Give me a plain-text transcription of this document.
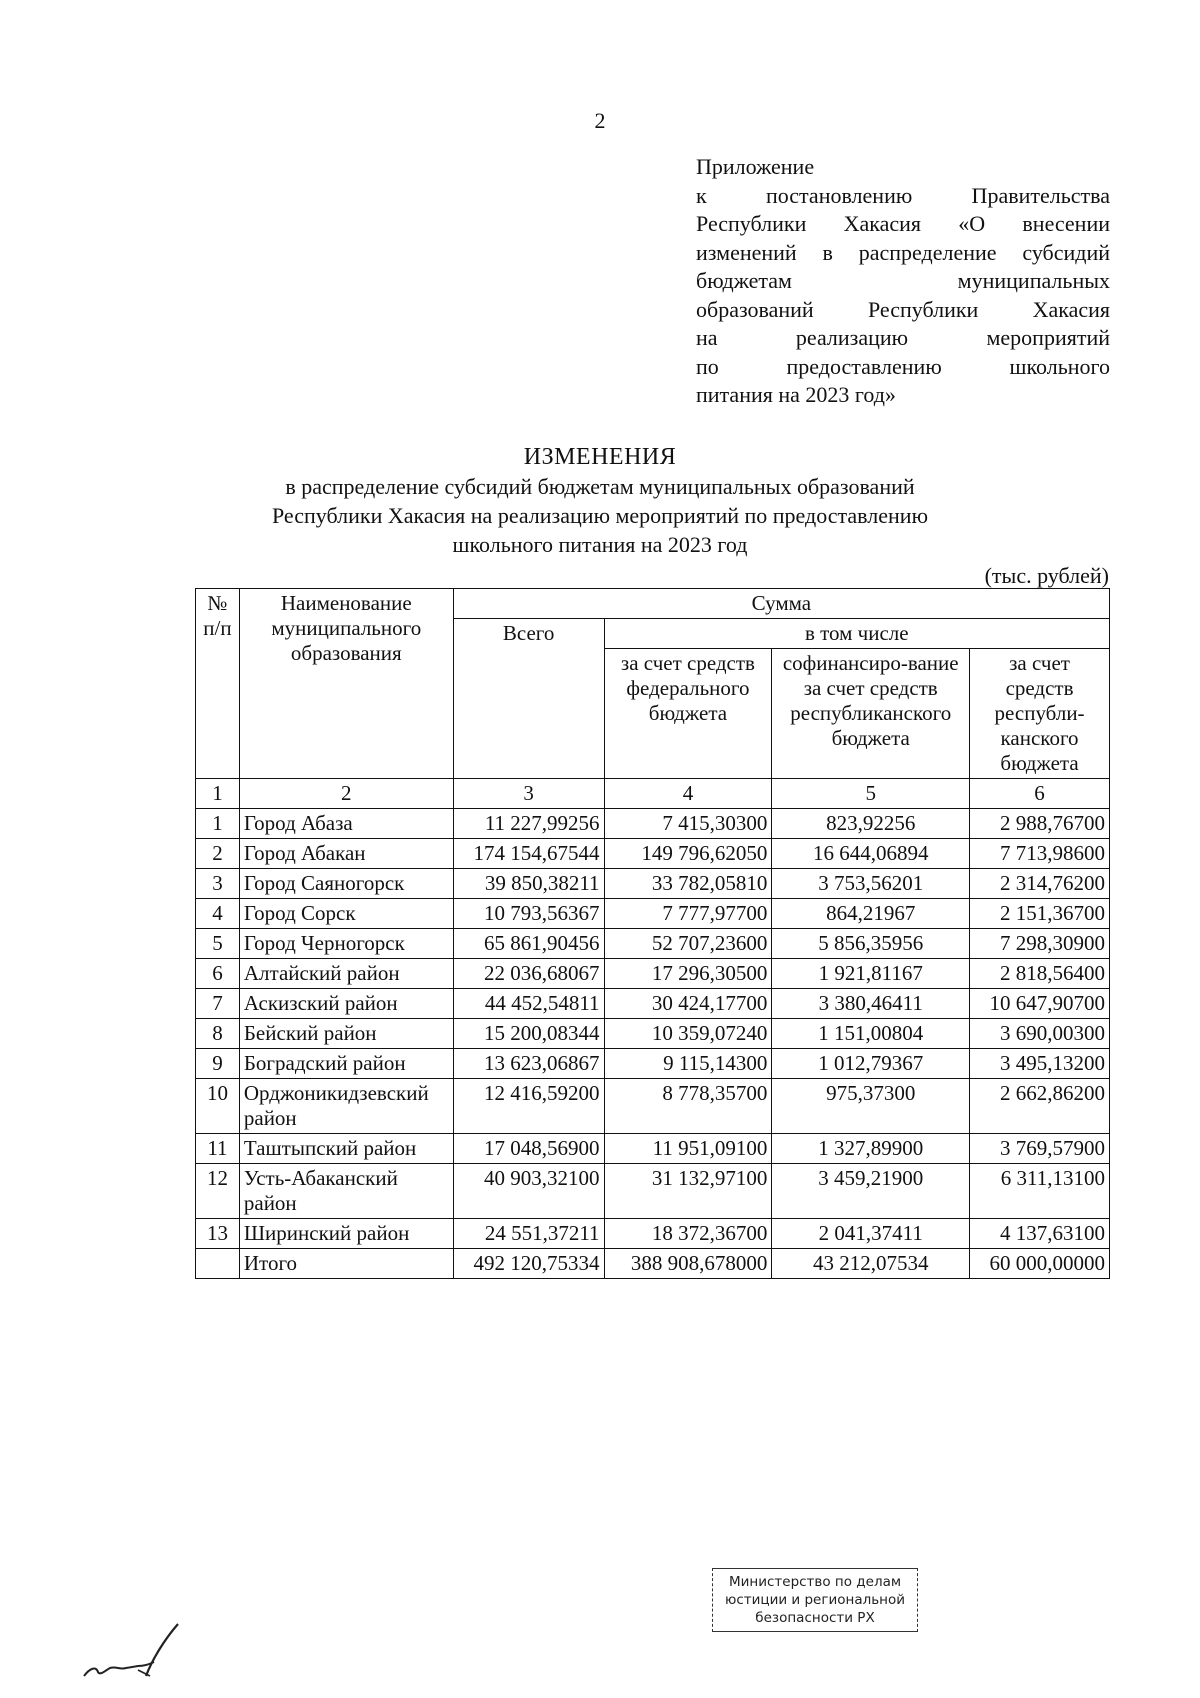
2
Приложение
к постановлению Правительства
Республики Хакасия «О внесении
изменений в распределение субсидий
бюджетам муниципальных
образований Республики Хакасия
на реализацию мероприятий
по предоставлению школьного
питания на 2023 год»
ИЗМЕНЕНИЯ
в распределение субсидий бюджетам муниципальных образований
Республики Хакасия на реализацию мероприятий по предоставлению
школьного питания на 2023 год
(тыс. рублей)
№ п/п	Наименование муниципального образования	Сумма			
		Всего	в том числе		
			за счет средств федерального бюджета	софинансиро-вание за счет средств республиканского бюджета	за счет средств республи-канского бюджета
1	2	3	4	5	6
1	Город Абаза	11 227,99256	7 415,30300	823,92256	2 988,76700
2	Город Абакан	174 154,67544	149 796,62050	16 644,06894	7 713,98600
3	Город Саяногорск	39 850,38211	33 782,05810	3 753,56201	2 314,76200
4	Город Сорск	10 793,56367	7 777,97700	864,21967	2 151,36700
5	Город Черногорск	65 861,90456	52 707,23600	5 856,35956	7 298,30900
6	Алтайский район	22 036,68067	17 296,30500	1 921,81167	2 818,56400
7	Аскизский район	44 452,54811	30 424,17700	3 380,46411	10 647,90700
8	Бейский район	15 200,08344	10 359,07240	1 151,00804	3 690,00300
9	Боградский район	13 623,06867	9 115,14300	1 012,79367	3 495,13200
10	Орджоникидзевский район	12 416,59200	8 778,35700	975,37300	2 662,86200
11	Таштыпский район	17 048,56900	11 951,09100	1 327,89900	3 769,57900
12	Усть-Абаканский район	40 903,32100	31 132,97100	3 459,21900	6 311,13100
13	Ширинский район	24 551,37211	18 372,36700	2 041,37411	4 137,63100
	Итого	492 120,75334	388 908,678000	43 212,07534	60 000,00000
Министерство по делам
юстиции и региональной
безопасности РХ
